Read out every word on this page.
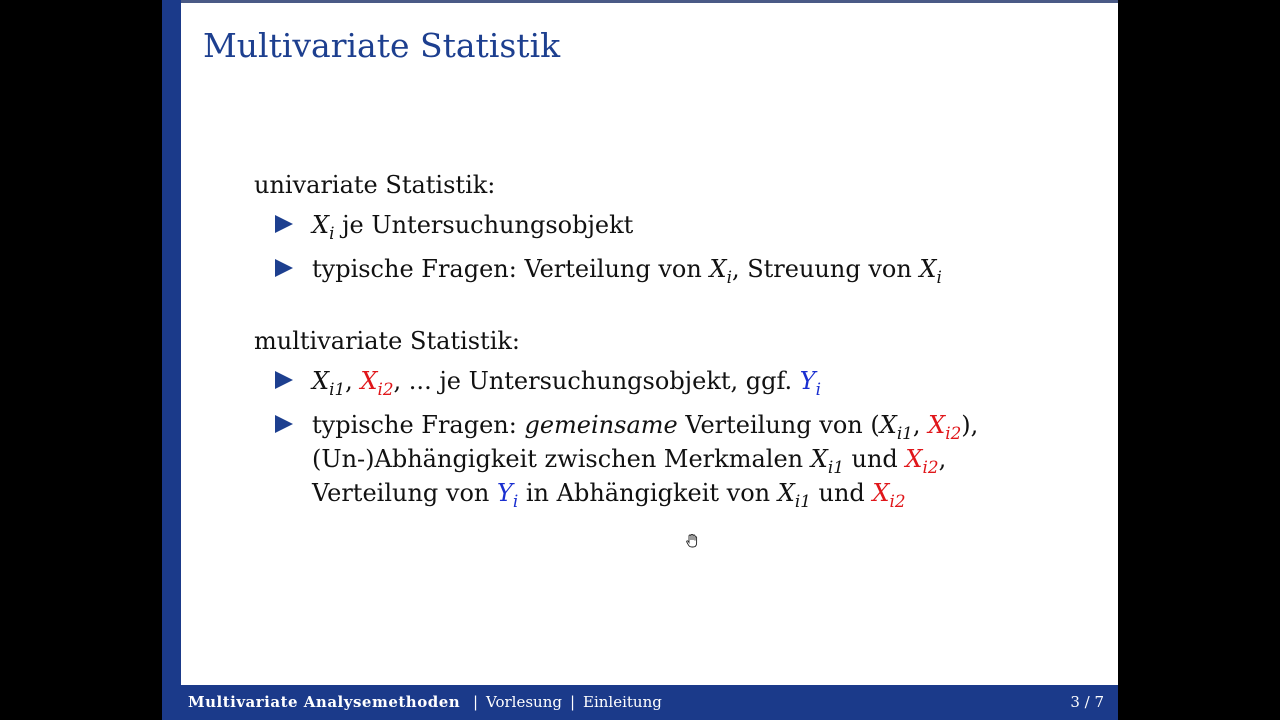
Multivariate Statistik
univariate Statistik:
$X_i$ je Untersuchungsobjekt
typische Fragen: Verteilung von $X_i$, Streuung von $X_i$
multivariate Statistik:
$X_{i1}$, $X_{i2}$, ... je Untersuchungsobjekt, ggf. $Y_i$
typische Fragen: gemeinsame Verteilung von ($X_{i1}$, $X_{i2}$),
(Un-)Abhängigkeit zwischen Merkmalen $X_{i1}$ und $X_{i2}$,
Verteilung von $Y_i$ in Abhängigkeit von $X_{i1}$ und $X_{i2}$
Multivariate Analysemethoden | Vorlesung | Einleitung	3 / 7
